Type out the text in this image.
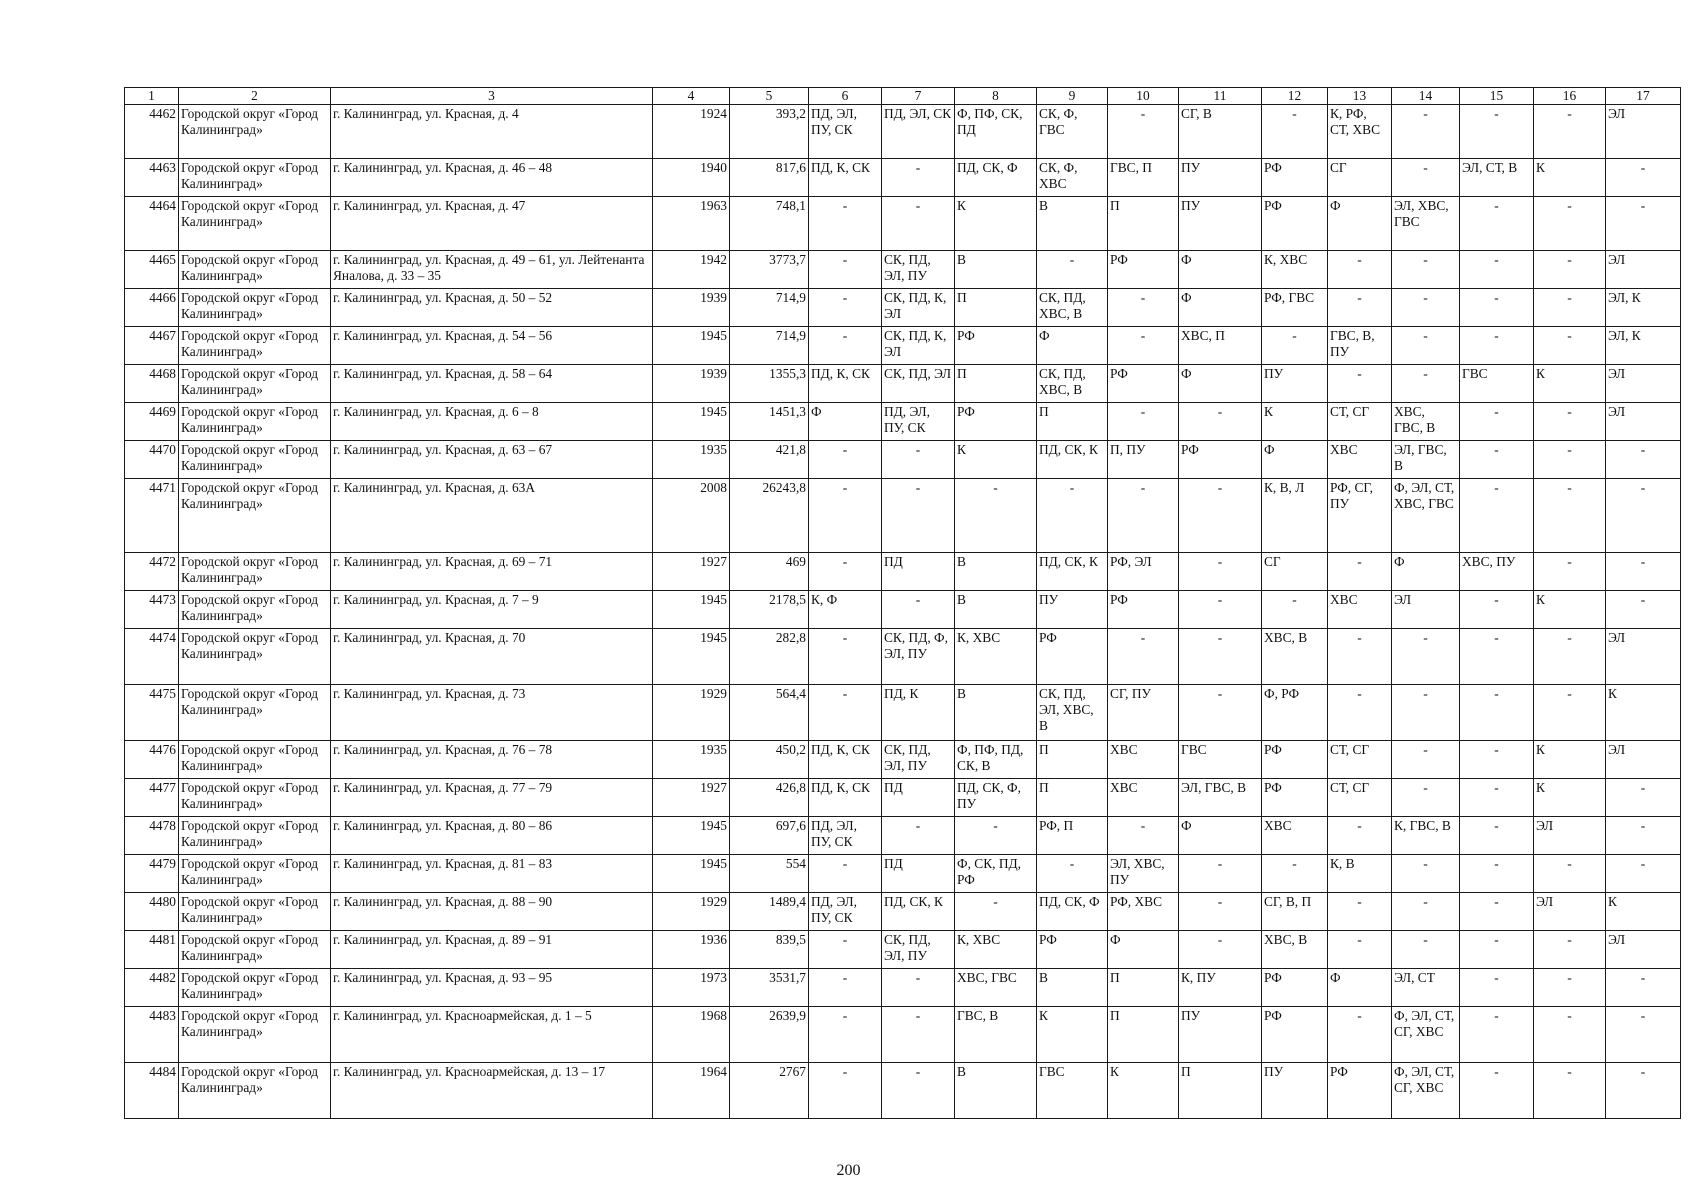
1	2	3	4	5	6	7	8	9	10	11	12	13	14	15	16	17
4462	Городской округ «Город Калининград»	г. Калининград, ул. Красная, д. 4	1924	393,2	ПД, ЭЛ, ПУ, СК	ПД, ЭЛ, СК	Ф, ПФ, СК, ПД	СК, Ф, ГВС	-	СГ, В	-	К, РФ, СТ, ХВС	-	-	-	ЭЛ
4463	Городской округ «Город Калининград»	г. Калининград, ул. Красная, д. 46 – 48	1940	817,6	ПД, К, СК	-	ПД, СК, Ф	СК, Ф, ХВС	ГВС, П	ПУ	РФ	СГ	-	ЭЛ, СТ, В	К	-
4464	Городской округ «Город Калининград»	г. Калининград, ул. Красная, д. 47	1963	748,1	-	-	К	В	П	ПУ	РФ	Ф	ЭЛ, ХВС, ГВС	-	-	-
4465	Городской округ «Город Калининград»	г. Калининград, ул. Красная, д. 49 – 61, ул. Лейтенанта Яналова, д. 33 – 35	1942	3773,7	-	СК, ПД, ЭЛ, ПУ	В	-	РФ	Ф	К, ХВС	-	-	-	-	ЭЛ
4466	Городской округ «Город Калининград»	г. Калининград, ул. Красная, д. 50 – 52	1939	714,9	-	СК, ПД, К, ЭЛ	П	СК, ПД, ХВС, В	-	Ф	РФ, ГВС	-	-	-	-	ЭЛ, К
4467	Городской округ «Город Калининград»	г. Калининград, ул. Красная, д. 54 – 56	1945	714,9	-	СК, ПД, К, ЭЛ	РФ	Ф	-	ХВС, П	-	ГВС, В, ПУ	-	-	-	ЭЛ, К
4468	Городской округ «Город Калининград»	г. Калининград, ул. Красная, д. 58 – 64	1939	1355,3	ПД, К, СК	СК, ПД, ЭЛ	П	СК, ПД, ХВС, В	РФ	Ф	ПУ	-	-	ГВС	К	ЭЛ
4469	Городской округ «Город Калининград»	г. Калининград, ул. Красная, д. 6 – 8	1945	1451,3	Ф	ПД, ЭЛ, ПУ, СК	РФ	П	-	-	К	СТ, СГ	ХВС, ГВС, В	-	-	ЭЛ
4470	Городской округ «Город Калининград»	г. Калининград, ул. Красная, д. 63 – 67	1935	421,8	-	-	К	ПД, СК, К	П, ПУ	РФ	Ф	ХВС	ЭЛ, ГВС, В	-	-	-
4471	Городской округ «Город Калининград»	г. Калининград, ул. Красная, д. 63А	2008	26243,8	-	-	-	-	-	-	К, В, Л	РФ, СГ, ПУ	Ф, ЭЛ, СТ, ХВС, ГВС	-	-	-
4472	Городской округ «Город Калининград»	г. Калининград, ул. Красная, д. 69 – 71	1927	469	-	ПД	В	ПД, СК, К	РФ, ЭЛ	-	СГ	-	Ф	ХВС, ПУ	-	-
4473	Городской округ «Город Калининград»	г. Калининград, ул. Красная, д. 7 – 9	1945	2178,5	К, Ф	-	В	ПУ	РФ	-	-	ХВС	ЭЛ	-	К	-
4474	Городской округ «Город Калининград»	г. Калининград, ул. Красная, д. 70	1945	282,8	-	СК, ПД, Ф, ЭЛ, ПУ	К, ХВС	РФ	-	-	ХВС, В	-	-	-	-	ЭЛ
4475	Городской округ «Город Калининград»	г. Калининград, ул. Красная, д. 73	1929	564,4	-	ПД, К	В	СК, ПД, ЭЛ, ХВС, В	СГ, ПУ	-	Ф, РФ	-	-	-	-	К
4476	Городской округ «Город Калининград»	г. Калининград, ул. Красная, д. 76 – 78	1935	450,2	ПД, К, СК	СК, ПД, ЭЛ, ПУ	Ф, ПФ, ПД, СК, В	П	ХВС	ГВС	РФ	СТ, СГ	-	-	К	ЭЛ
4477	Городской округ «Город Калининград»	г. Калининград, ул. Красная, д. 77 – 79	1927	426,8	ПД, К, СК	ПД	ПД, СК, Ф, ПУ	П	ХВС	ЭЛ, ГВС, В	РФ	СТ, СГ	-	-	К	-
4478	Городской округ «Город Калининград»	г. Калининград, ул. Красная, д. 80 – 86	1945	697,6	ПД, ЭЛ, ПУ, СК	-	-	РФ, П	-	Ф	ХВС	-	К, ГВС, В	-	ЭЛ	-
4479	Городской округ «Город Калининград»	г. Калининград, ул. Красная, д. 81 – 83	1945	554	-	ПД	Ф, СК, ПД, РФ	-	ЭЛ, ХВС, ПУ	-	-	К, В	-	-	-	-
4480	Городской округ «Город Калининград»	г. Калининград, ул. Красная, д. 88 – 90	1929	1489,4	ПД, ЭЛ, ПУ, СК	ПД, СК, К	-	ПД, СК, Ф	РФ, ХВС	-	СГ, В, П	-	-	-	ЭЛ	К
4481	Городской округ «Город Калининград»	г. Калининград, ул. Красная, д. 89 – 91	1936	839,5	-	СК, ПД, ЭЛ, ПУ	К, ХВС	РФ	Ф	-	ХВС, В	-	-	-	-	ЭЛ
4482	Городской округ «Город Калининград»	г. Калининград, ул. Красная, д. 93 – 95	1973	3531,7	-	-	ХВС, ГВС	В	П	К, ПУ	РФ	Ф	ЭЛ, СТ	-	-	-
4483	Городской округ «Город Калининград»	г. Калининград, ул. Красноармейская, д. 1 – 5	1968	2639,9	-	-	ГВС, В	К	П	ПУ	РФ	-	Ф, ЭЛ, СТ, СГ, ХВС	-	-	-
4484	Городской округ «Город Калининград»	г. Калининград, ул. Красноармейская, д. 13 – 17	1964	2767	-	-	В	ГВС	К	П	ПУ	РФ	Ф, ЭЛ, СТ, СГ, ХВС	-	-	-
200
